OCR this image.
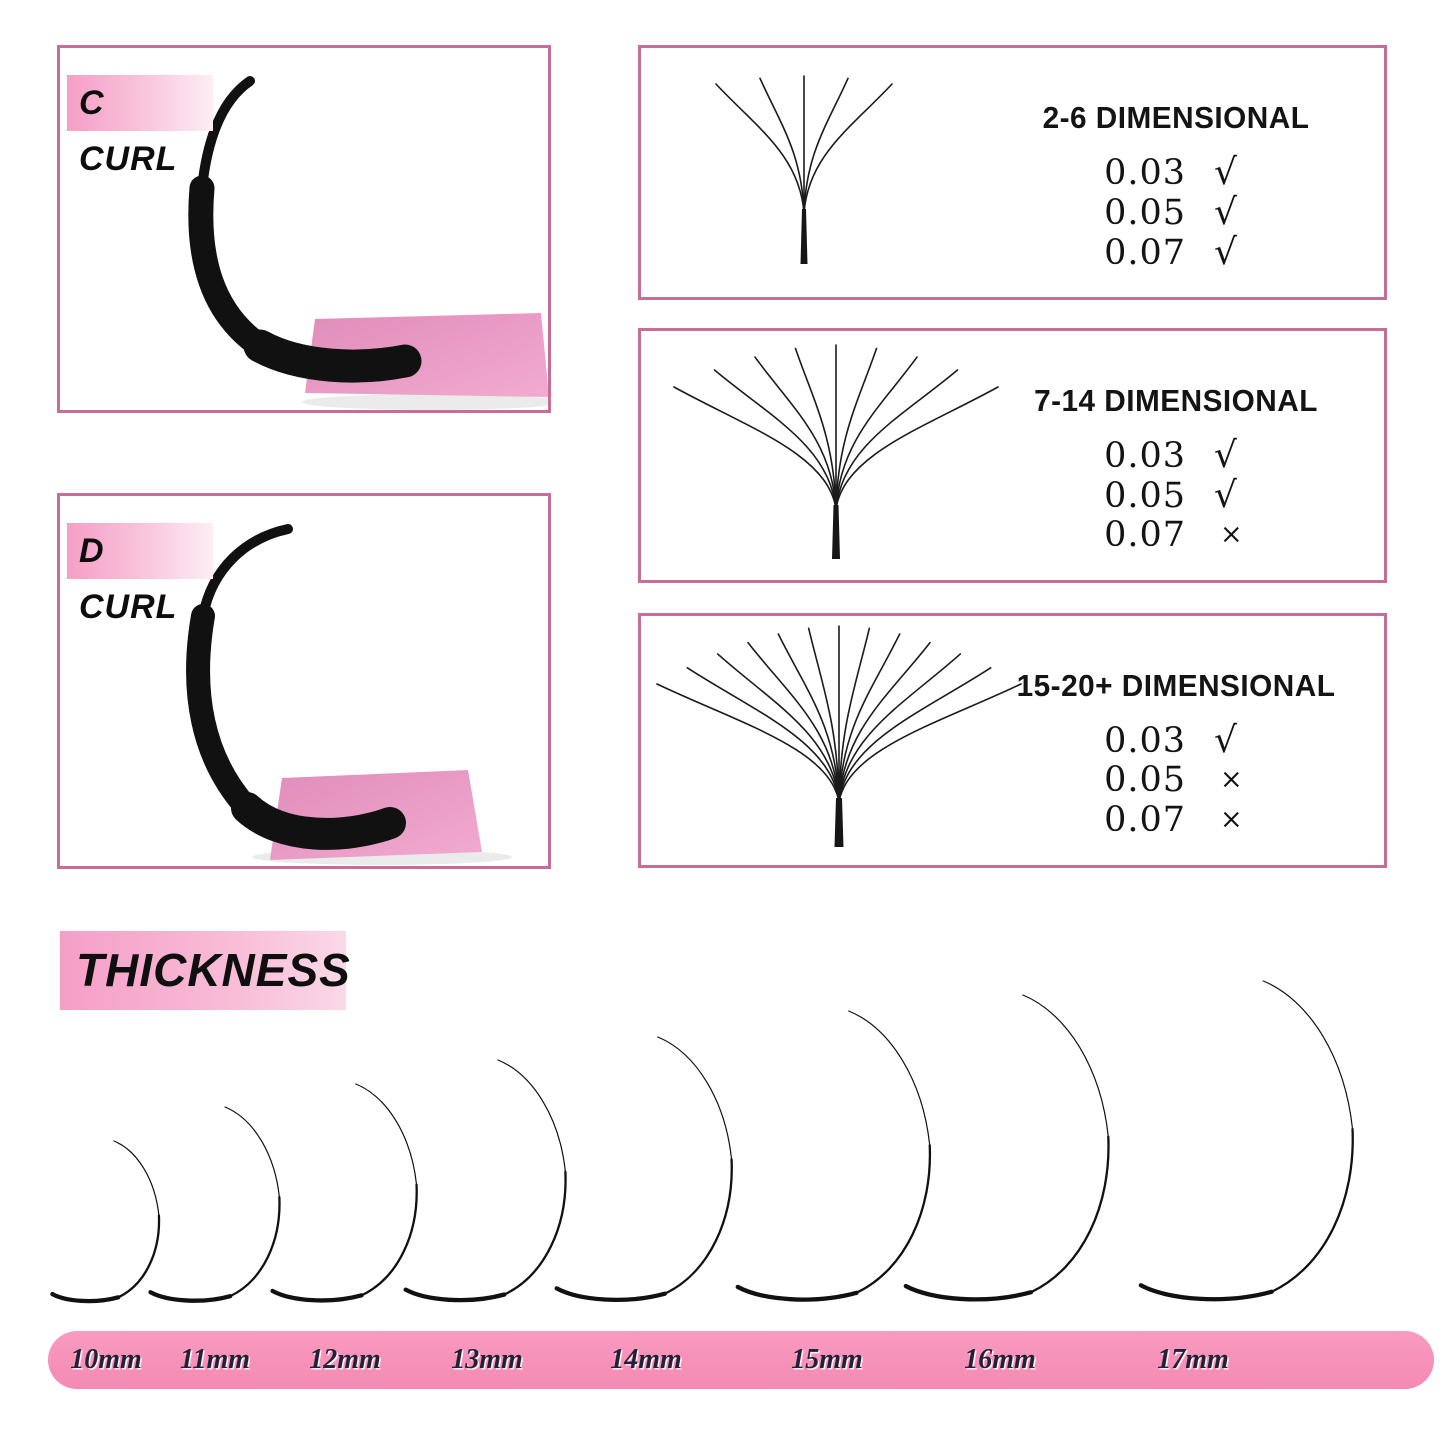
C CURL
D CURL
2-6 DIMENSIONAL
0.03 √
0.05 √
0.07 √
7-14 DIMENSIONAL
0.03 √
0.05 √
0.07 ×
15-20+ DIMENSIONAL
0.03 √
0.05 ×
0.07 ×
THICKNESS
10mm 11mm 12mm	13mm	14mm	15mm	16mm	17mm
